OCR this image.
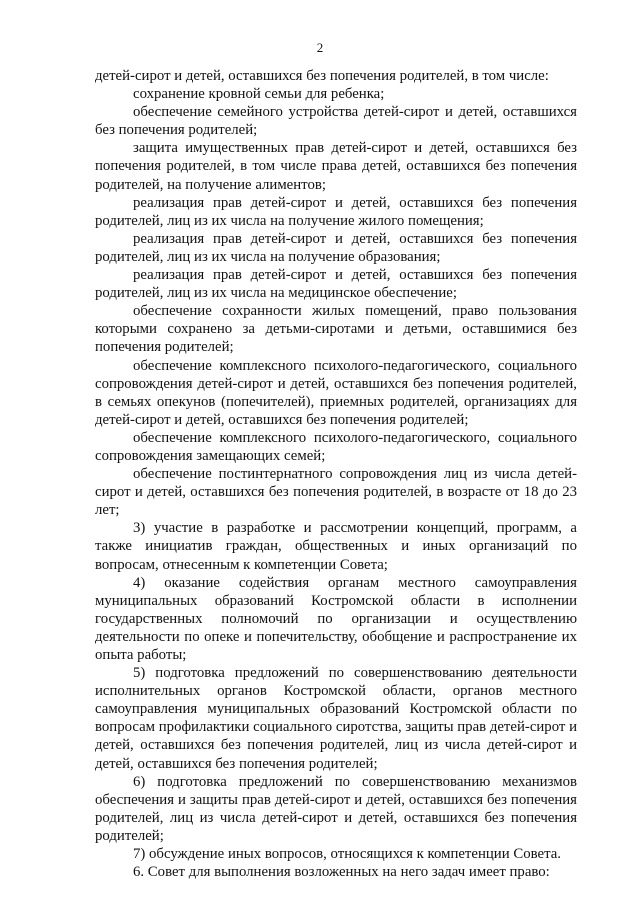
2

детей-сирот и детей, оставшихся без попечения родителей, в том числе:

сохранение кровной семьи для ребенка;

обеспечение семейного устройства детей-сирот и детей, оставшихся без попечения родителей;

защита имущественных прав детей-сирот и детей, оставшихся без попечения родителей, в том числе права детей, оставшихся без попечения родителей, на получение алиментов;

реализация прав детей-сирот и детей, оставшихся без попечения родителей, лиц из их числа на получение жилого помещения;

реализация прав детей-сирот и детей, оставшихся без попечения родителей, лиц из их числа на получение образования;

реализация прав детей-сирот и детей, оставшихся без попечения родителей, лиц из их числа на медицинское обеспечение;

обеспечение сохранности жилых помещений, право пользования которыми сохранено за детьми-сиротами и детьми, оставшимися без попечения родителей;

обеспечение комплексного психолого-педагогического, социального сопровождения детей-сирот и детей, оставшихся без попечения родителей, в семьях опекунов (попечителей), приемных родителей, организациях для детей-сирот и детей, оставшихся без попечения родителей;

обеспечение комплексного психолого-педагогического, социального сопровождения замещающих семей;

обеспечение постинтернатного сопровождения лиц из числа детей-сирот и детей, оставшихся без попечения родителей, в возрасте от 18 до 23 лет;

3) участие в разработке и рассмотрении концепций, программ, а также инициатив граждан, общественных и иных организаций по вопросам, отнесенным к компетенции Совета;

4) оказание содействия органам местного самоуправления муниципальных образований Костромской области в исполнении государственных полномочий по организации и осуществлению деятельности по опеке и попечительству, обобщение и распространение их опыта работы;

5) подготовка предложений по совершенствованию деятельности исполнительных органов Костромской области, органов местного самоуправления муниципальных образований Костромской области по вопросам профилактики социального сиротства, защиты прав детей-сирот и детей, оставшихся без попечения родителей, лиц из числа детей-сирот и детей, оставшихся без попечения родителей;

6) подготовка предложений по совершенствованию механизмов обеспечения и защиты прав детей-сирот и детей, оставшихся без попечения родителей, лиц из числа детей-сирот и детей, оставшихся без попечения родителей;

7) обсуждение иных вопросов, относящихся к компетенции Совета.

6. Совет для выполнения возложенных на него задач имеет право:
